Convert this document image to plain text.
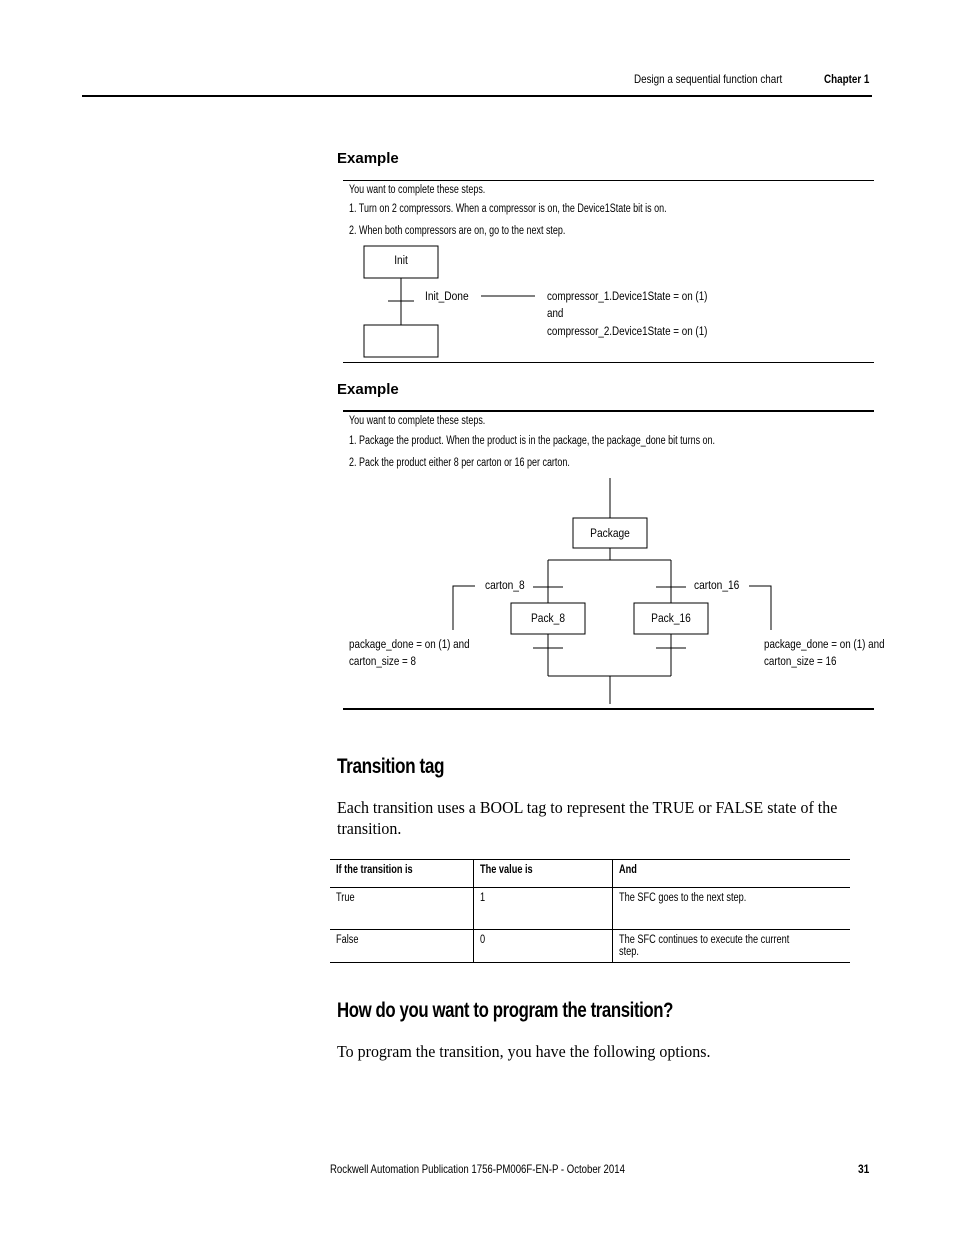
Design a sequential function chart	Chapter 1
Example
You want to complete these steps.
1. Turn on 2 compressors. When a compressor is on, the Device1State bit is on.
2. When both compressors are on, go to the next step.
Init
Init_Done	compressor_1.Device1State = on (1)
and
compressor_2.Device1State = on (1)
Example
You want to complete these steps.
1. Package the product. When the product is in the package, the package_done bit turns on.
2. Pack the product either 8 per carton or 16 per carton.
Package
carton_8	carton_16
Pack_8	Pack_16
package_done = on (1) and
carton_size = 8
package_done = on (1) and
carton_size = 16
Transition tag
Each transition uses a BOOL tag to represent the TRUE or FALSE state of the
transition.
If the transition is	The value is	And
True	1	The SFC goes to the next step.
False	0	The SFC continues to execute the current step.
How do you want to program the transition?
To program the transition, you have the following options.
Rockwell Automation Publication 1756-PM006F-EN-P - October 2014	31
